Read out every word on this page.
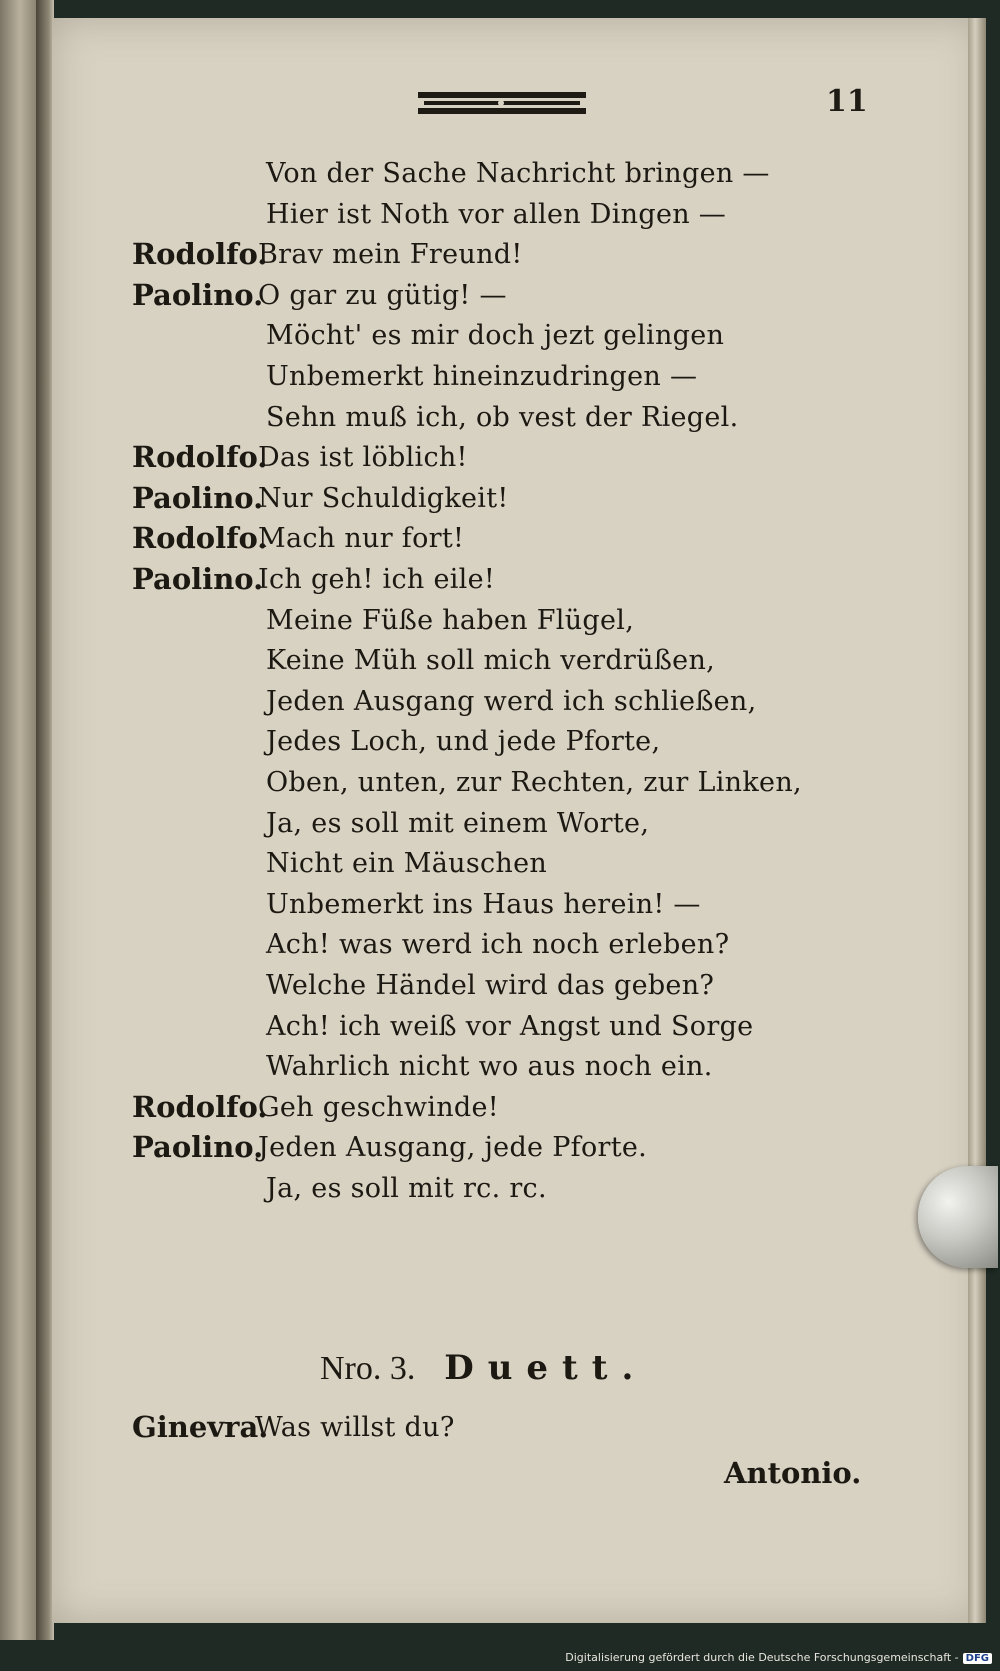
11
Von der Sache Nachricht bringen —
Hier ist Noth vor allen Dingen —
Rodolfo.
Brav mein Freund!
Paolino.
O gar zu gütig! —
Möcht' es mir doch jezt gelingen
Unbemerkt hineinzudringen —
Sehn muß ich, ob vest der Riegel.
Rodolfo.
Das ist löblich!
Paolino.
Nur Schuldigkeit!
Rodolfo.
Mach nur fort!
Paolino.
Ich geh! ich eile!
Meine Füße haben Flügel,
Keine Müh soll mich verdrüßen,
Jeden Ausgang werd ich schließen,
Jedes Loch, und jede Pforte,
Oben, unten, zur Rechten, zur Linken,
Ja, es soll mit einem Worte,
Nicht ein Mäuschen
Unbemerkt ins Haus herein! —
Ach! was werd ich noch erleben?
Welche Händel wird das geben?
Ach! ich weiß vor Angst und Sorge
Wahrlich nicht wo aus noch ein.
Rodolfo.
Geh geschwinde!
Paolino.
Jeden Ausgang, jede Pforte.
Ja, es soll mit rc. rc.
Nro. 3. Duett.
Ginevra.
Was willst du?
Antonio.
Digitalisierung gefördert durch die Deutsche Forschungsgemeinschaft - DFG
